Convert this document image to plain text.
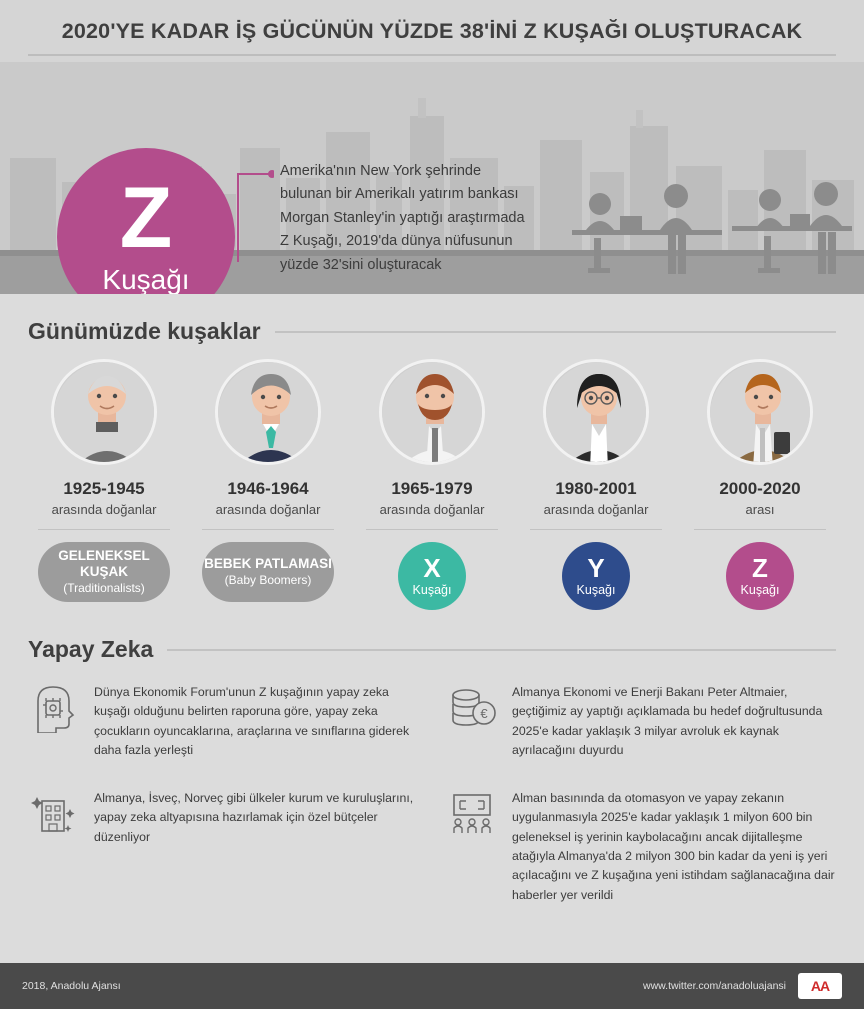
2020'YE KADAR İŞ GÜCÜNÜN YÜZDE 38'İNİ Z KUŞAĞI OLUŞTURACAK
Z
Kuşağı
Amerika'nın New York şehrinde bulunan bir Amerikalı yatırım bankası Morgan Stanley'in yaptığı araştırmada Z Kuşağı, 2019'da dünya nüfusunun yüzde 32'sini oluşturacak
Günümüzde kuşaklar
1925-1945
arasında doğanlar
GELENEKSEL KUŞAK
(Traditionalists)
1946-1964
arasında doğanlar
BEBEK PATLAMASI
(Baby Boomers)
1965-1979
arasında doğanlar
X
Kuşağı
1980-2001
arasında doğanlar
Y
Kuşağı
2000-2020
arası
Z
Kuşağı
Yapay Zeka
Dünya Ekonomik Forum'unun Z kuşağının yapay zeka kuşağı olduğunu belirten raporuna göre, yapay zeka çocukların oyuncaklarına, araçlarına ve sınıflarına giderek daha fazla yerleşti
€
Almanya Ekonomi ve Enerji Bakanı Peter Altmaier, geçtiğimiz ay yaptığı açıklamada bu hedef doğrultusunda 2025'e kadar yaklaşık 3 milyar avroluk ek kaynak ayrılacağını duyurdu
Almanya, İsveç, Norveç gibi ülkeler kurum ve kuruluşlarını, yapay zeka altyapısına hazırlamak için özel bütçeler düzenliyor
Alman basınında da otomasyon ve yapay zekanın uygulanmasıyla 2025'e kadar yaklaşık 1 milyon 600 bin geleneksel iş yerinin kaybolacağını ancak dijitalleşme atağıyla Almanya'da 2 milyon 300 bin kadar da yeni iş yeri açılacağını ve Z kuşağına yeni istihdam sağlanacağına dair haberler yer verildi
2018, Anadolu Ajansı	www.twitter.com/anadoluajansi	AA
